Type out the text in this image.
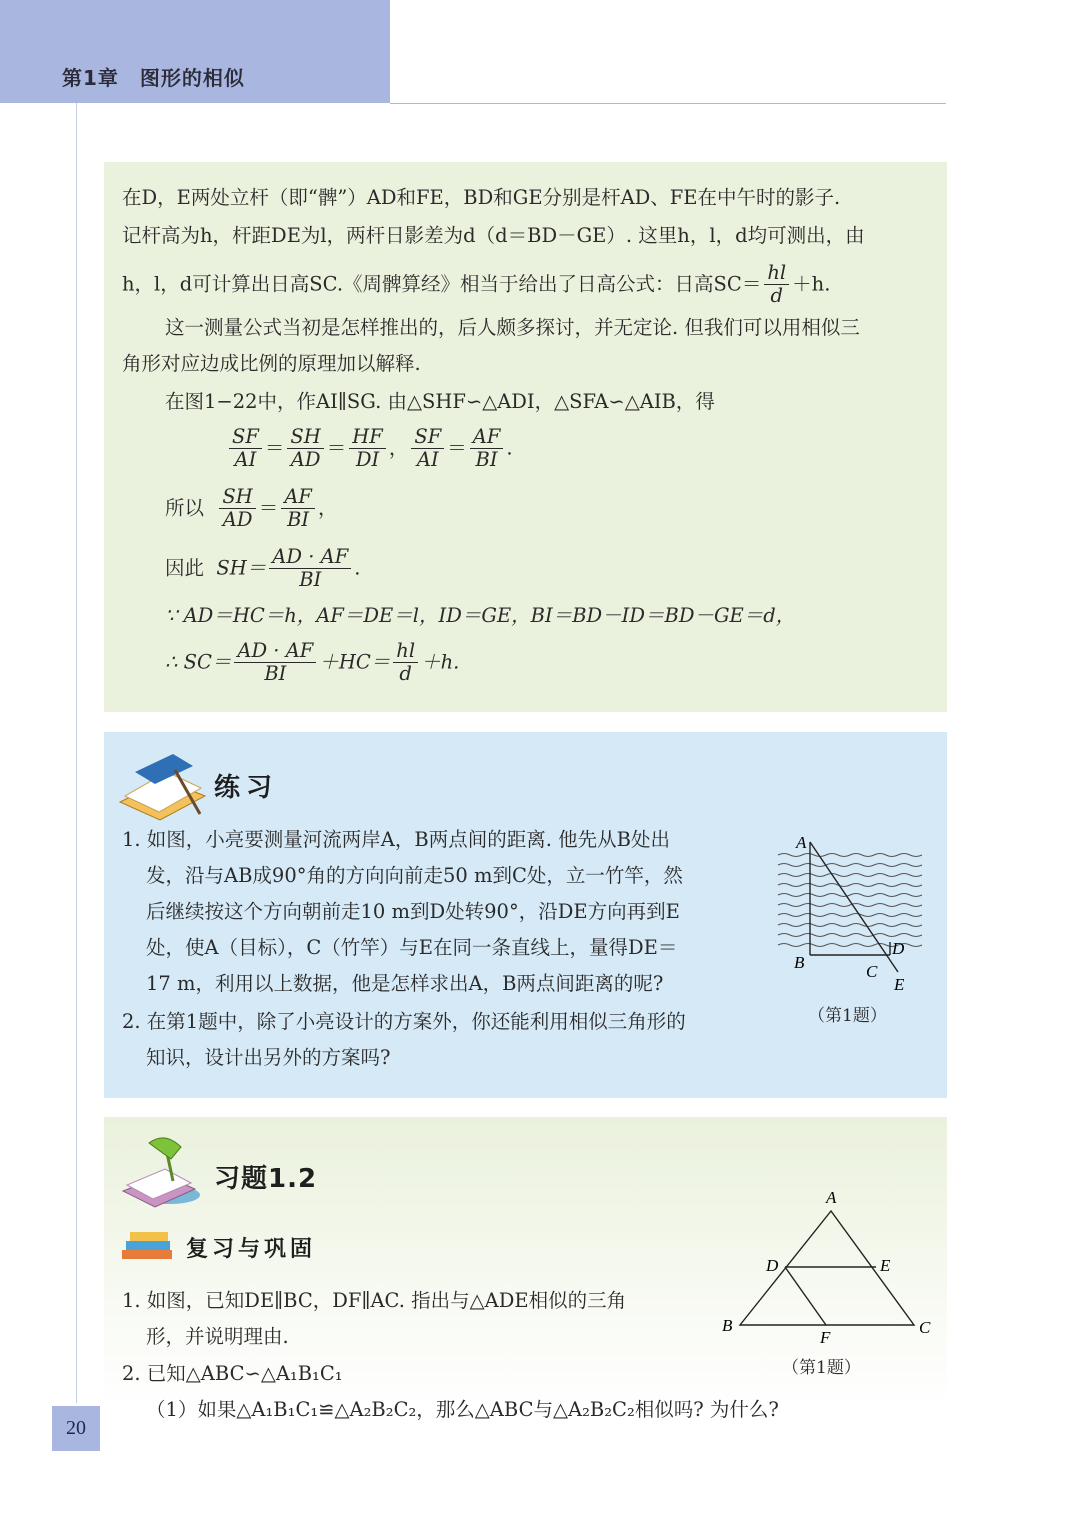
第1章　图形的相似
在D，E两处立杆（即“髀”）AD和FE，BD和GE分别是杆AD、FE在中午时的影子.
记杆高为h，杆距DE为l，两杆日影差为d（d＝BD－GE）. 这里h，l，d均可测出，由
h，l，d可计算出日高SC.《周髀算经》相当于给出了日高公式：日高$SC= \frac{hl}{d} +h$.
这一测量公式当初是怎样推出的，后人颇多探讨，并无定论. 但我们可以用相似三
角形对应边成比例的原理加以解释.
在图1−22中，作AI∥SG. 由△SHF∽△ADI，△SFA∽△AIB，得
$\frac{SF}{AI} = \frac{SH}{AD} = \frac{HF}{DI}$ ， $\frac{SF}{AI} = \frac{AF}{BI}$ .
所以 $\frac{SH}{AD} = \frac{AF}{BI}$ ，
因此 $SH= \frac{AD \cdot AF}{BI}$ .
∵ AD＝HC＝h，AF＝DE＝l，ID＝GE，BI＝BD－ID＝BD－GE＝d，
∴ $SC= \frac{AD \cdot AF}{BI} +HC= \frac{hl}{d} +h$.
练习
1. 如图，小亮要测量河流两岸A，B两点间的距离. 他先从B处出
发，沿与AB成90°角的方向向前走50 m到C处，立一竹竿，然
后继续按这个方向朝前走10 m到D处转90°，沿DE方向再到E
处，使A（目标），C（竹竿）与E在同一条直线上，量得DE＝
17 m，利用以上数据，他是怎样求出A，B两点间距离的呢?
2. 在第1题中，除了小亮设计的方案外，你还能利用相似三角形的
知识，设计出另外的方案吗?
A
B	C
D
E
（第1题）
习题1.2
复习与巩固
1. 如图，已知DE∥BC，DF∥AC. 指出与△ADE相似的三角
形，并说明理由.
2. 已知△ABC∽△A₁B₁C₁
（1）如果△A₁B₁C₁≌△A₂B₂C₂，那么△ABC与△A₂B₂C₂相似吗? 为什么?
A
B	C
D	E
F
（第1题）
20
